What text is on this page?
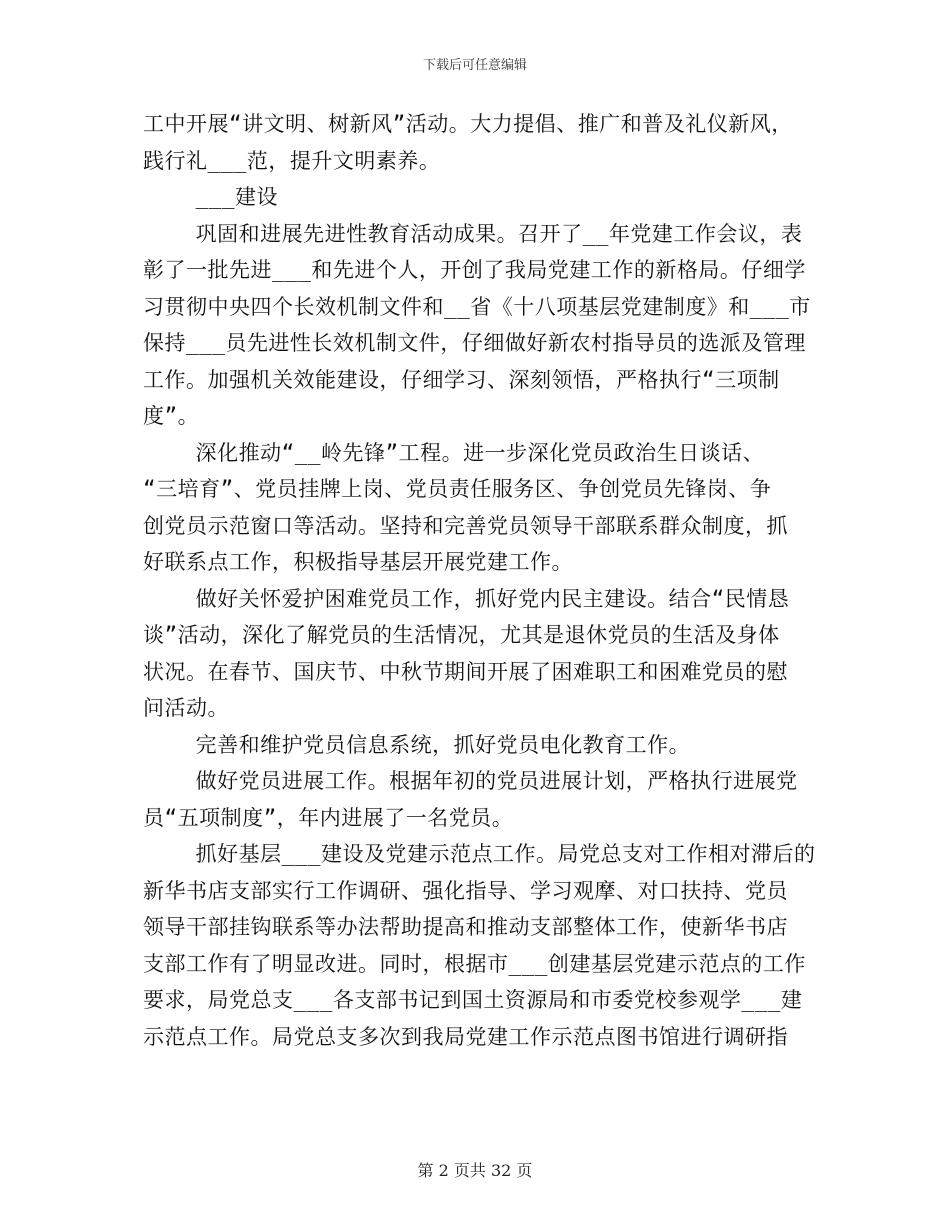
下载后可任意编辑
工中开展“讲文明、树新风”活动。大力提倡、推广和普及礼仪新风，
践行礼___范，提升文明素养。
___建设
巩固和进展先进性教育活动成果。召开了__年党建工作会议，表
彰了一批先进___和先进个人，开创了我局党建工作的新格局。仔细学
习贯彻中央四个长效机制文件和__省《十八项基层党建制度》和___市
保持___员先进性长效机制文件，仔细做好新农村指导员的选派及管理
工作。加强机关效能建设，仔细学习、深刻领悟，严格执行“三项制
度”。
深化推动“__岭先锋”工程。进一步深化党员政治生日谈话、
“三培育”、党员挂牌上岗、党员责任服务区、争创党员先锋岗、争
创党员示范窗口等活动。坚持和完善党员领导干部联系群众制度，抓
好联系点工作，积极指导基层开展党建工作。
做好关怀爱护困难党员工作，抓好党内民主建设。结合“民情恳
谈”活动，深化了解党员的生活情况，尤其是退休党员的生活及身体
状况。在春节、国庆节、中秋节期间开展了困难职工和困难党员的慰
问活动。
完善和维护党员信息系统，抓好党员电化教育工作。
做好党员进展工作。根据年初的党员进展计划，严格执行进展党
员“五项制度”，年内进展了一名党员。
抓好基层___建设及党建示范点工作。局党总支对工作相对滞后的
新华书店支部实行工作调研、强化指导、学习观摩、对口扶持、党员
领导干部挂钩联系等办法帮助提高和推动支部整体工作，使新华书店
支部工作有了明显改进。同时，根据市___创建基层党建示范点的工作
要求，局党总支___各支部书记到国土资源局和市委党校参观学___建
示范点工作。局党总支多次到我局党建工作示范点图书馆进行调研指
第 2 页共 32 页
